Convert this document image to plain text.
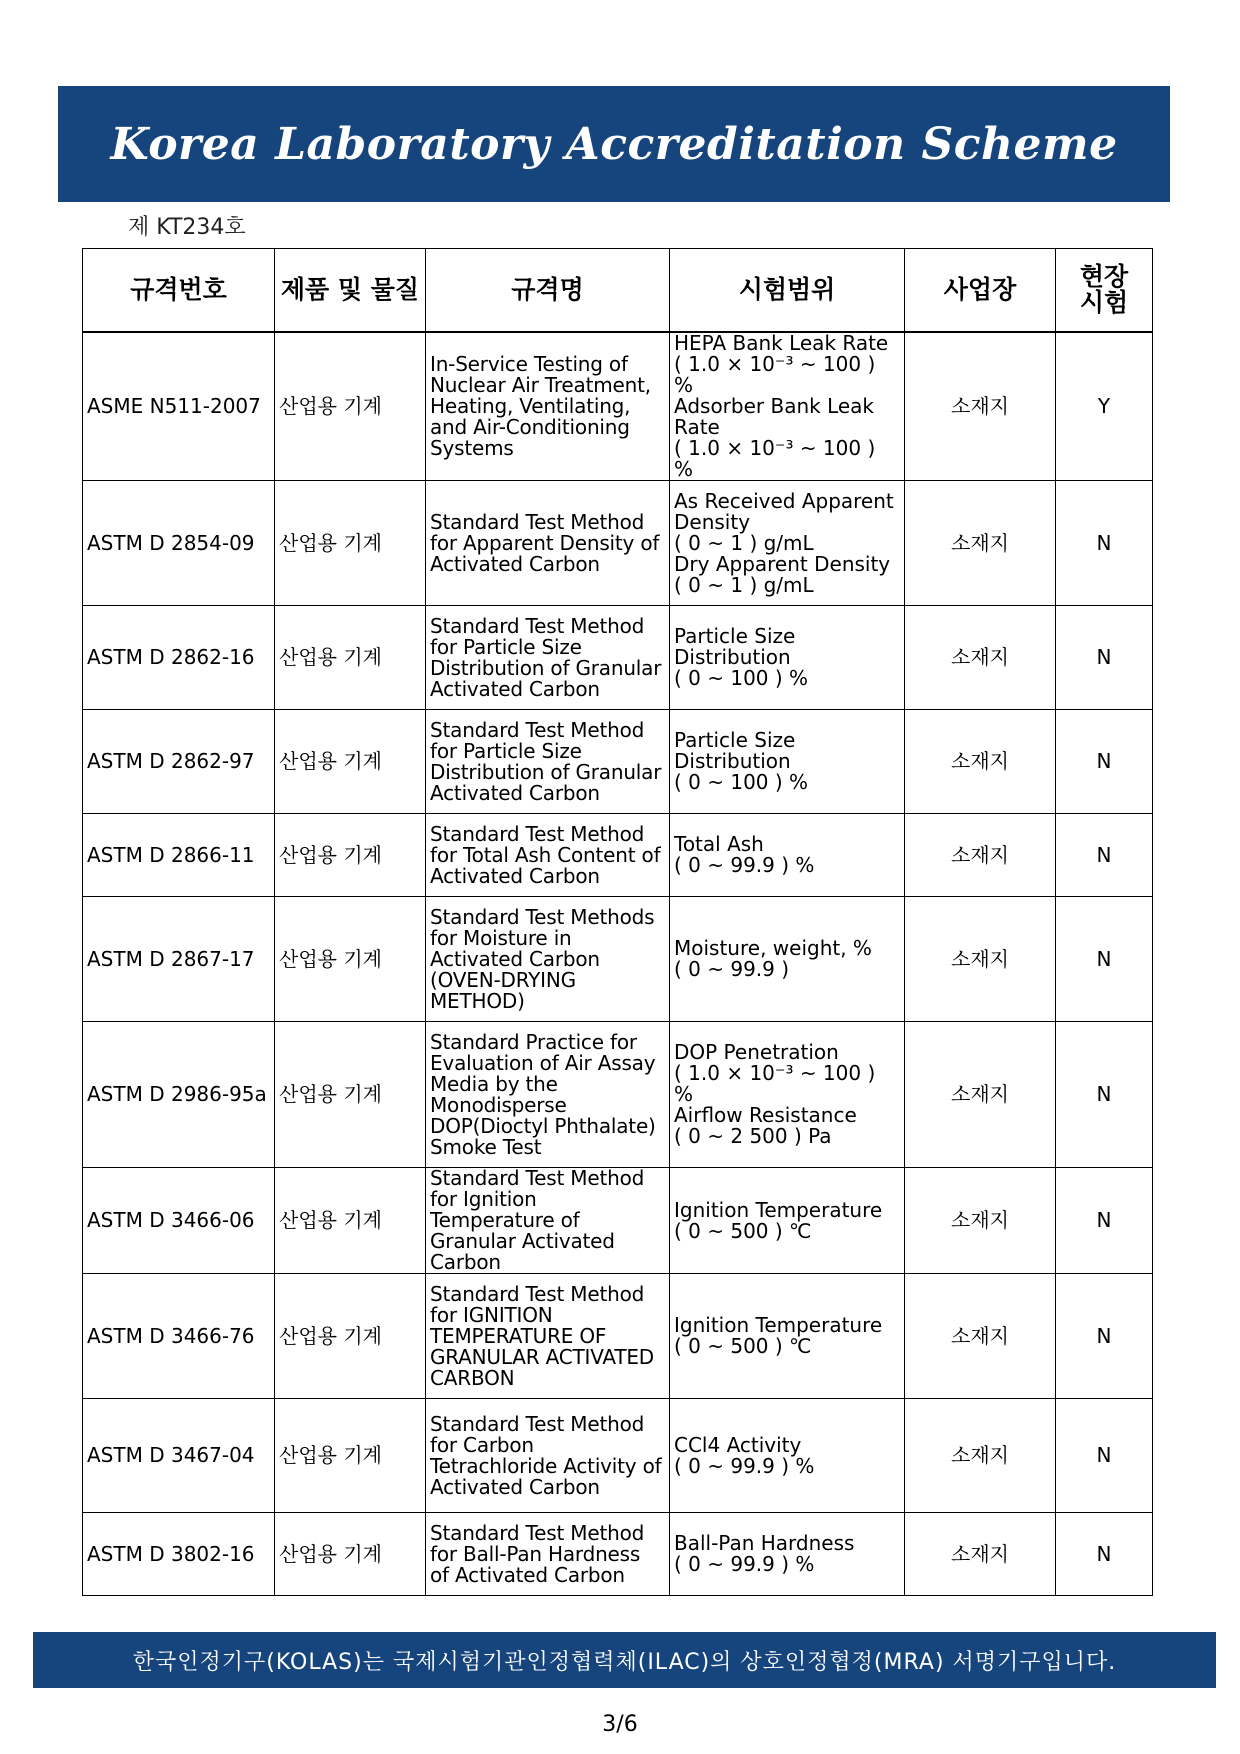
Korea Laboratory Accreditation Scheme
제 KT234호
규격번호	제품 및 물질	규격명	시험범위	사업장	현장
시험
ASME N511-2007	산업용 기계	In-Service Testing of Nuclear Air Treatment, Heating, Ventilating, and Air-Conditioning Systems	HEPA Bank Leak Rate
( 1.0 × 10⁻³ ~ 100 ) %
Adsorber Bank Leak Rate
( 1.0 × 10⁻³ ~ 100 ) %	소재지	Y
ASTM D 2854-09	산업용 기계	Standard Test Method for Apparent Density of Activated Carbon	As Received Apparent Density
( 0 ~ 1 ) g/mL
Dry Apparent Density
( 0 ~ 1 ) g/mL	소재지	N
ASTM D 2862-16	산업용 기계	Standard Test Method for Particle Size Distribution of Granular Activated Carbon	Particle Size Distribution
( 0 ~ 100 ) %	소재지	N
ASTM D 2862-97	산업용 기계	Standard Test Method for Particle Size Distribution of Granular Activated Carbon	Particle Size Distribution
( 0 ~ 100 ) %	소재지	N
ASTM D 2866-11	산업용 기계	Standard Test Method for Total Ash Content of Activated Carbon	Total Ash
( 0 ~ 99.9 ) %	소재지	N
ASTM D 2867-17	산업용 기계	Standard Test Methods for Moisture in Activated Carbon (OVEN-DRYING METHOD)	Moisture, weight, %
( 0 ~ 99.9 )	소재지	N
ASTM D 2986-95a	산업용 기계	Standard Practice for Evaluation of Air Assay Media by the Monodisperse DOP(Dioctyl Phthalate) Smoke Test	DOP Penetration
( 1.0 × 10⁻³ ~ 100 ) %
Airflow Resistance
( 0 ~ 2 500 ) Pa	소재지	N
ASTM D 3466-06	산업용 기계	Standard Test Method for Ignition Temperature of Granular Activated Carbon	Ignition Temperature
( 0 ~ 500 ) ℃	소재지	N
ASTM D 3466-76	산업용 기계	Standard Test Method for IGNITION TEMPERATURE OF GRANULAR ACTIVATED CARBON	Ignition Temperature
( 0 ~ 500 ) ℃	소재지	N
ASTM D 3467-04	산업용 기계	Standard Test Method for Carbon Tetrachloride Activity of Activated Carbon	CCl4 Activity
( 0 ~ 99.9 ) %	소재지	N
ASTM D 3802-16	산업용 기계	Standard Test Method for Ball-Pan Hardness of Activated Carbon	Ball-Pan Hardness
( 0 ~ 99.9 ) %	소재지	N
한국인정기구(KOLAS)는 국제시험기관인정협력체(ILAC)의 상호인정협정(MRA) 서명기구입니다.
3/6
